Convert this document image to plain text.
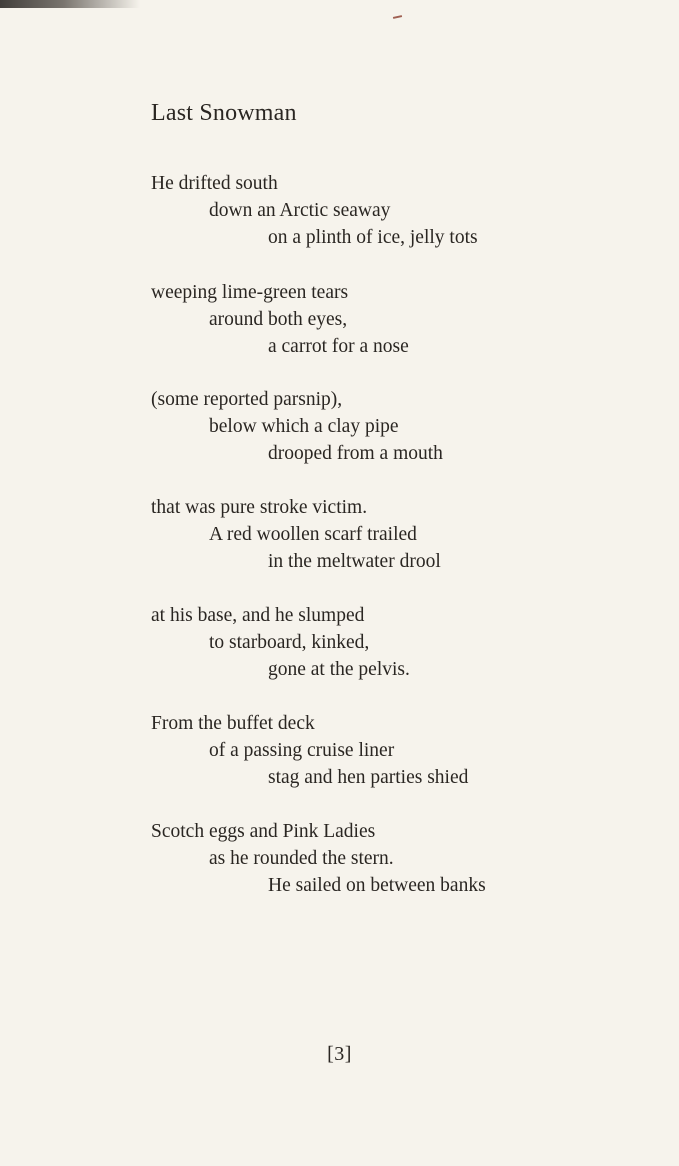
Last Snowman
He drifted south
down an Arctic seaway
on a plinth of ice, jelly tots
weeping lime-green tears
around both eyes,
a carrot for a nose
(some reported parsnip),
below which a clay pipe
drooped from a mouth
that was pure stroke victim.
A red woollen scarf trailed
in the meltwater drool
at his base, and he slumped
to starboard, kinked,
gone at the pelvis.
From the buffet deck
of a passing cruise liner
stag and hen parties shied
Scotch eggs and Pink Ladies
as he rounded the stern.
He sailed on between banks
[3]
